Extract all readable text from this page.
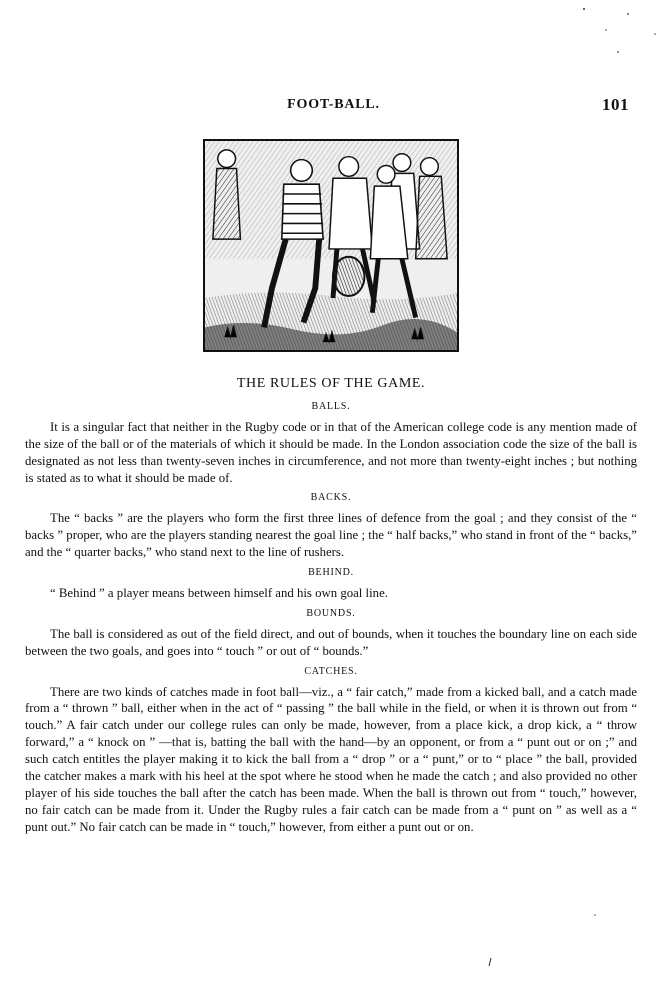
FOOT-BALL.	101
THE RULES OF THE GAME.
BALLS.

It is a singular fact that neither in the Rugby code or in that of the American college code is any mention made of the size of the ball or of the materials of which it should be made. In the London association code the size of the ball is designated as not less than twenty-seven inches in circumference, and not more than twenty-eight inches ; but nothing is stated as to what it should be made of.

BACKS.

The “ backs ” are the players who form the first three lines of defence from the goal ; and they consist of the “ backs ” proper, who are the players standing nearest the goal line ; the “ half backs,” who stand in front of the “ backs,” and the “ quarter backs,” who stand next to the line of rushers.

BEHIND.

“ Behind ” a player means between himself and his own goal line.

BOUNDS.

The ball is considered as out of the field direct, and out of bounds, when it touches the boundary line on each side between the two goals, and goes into “ touch ” or out of “ bounds.”

CATCHES.

There are two kinds of catches made in foot ball—viz., a “ fair catch,” made from a kicked ball, and a catch made from a “ thrown ” ball, either when in the act of “ passing ” the ball while in the field, or when it is thrown out from “ touch.” A fair catch under our college rules can only be made, however, from a place kick, a drop kick, a “ throw forward,” a “ knock on ” —that is, batting the ball with the hand—by an opponent, or from a “ punt out or on ;” and such catch entitles the player making it to kick the ball from a “ drop ” or a “ punt,” or to “ place ” the ball, provided the catcher makes a mark with his heel at the spot where he stood when he made the catch ; and also provided no other player of his side touches the ball after the catch has been made. When the ball is thrown out from “ touch,” however, no fair catch can be made from it. Under the Rugby rules a fair catch can be made from a “ punt on ” as well as a “ punt out.” No fair catch can be made in “ touch,” however, from either a punt out or on.
